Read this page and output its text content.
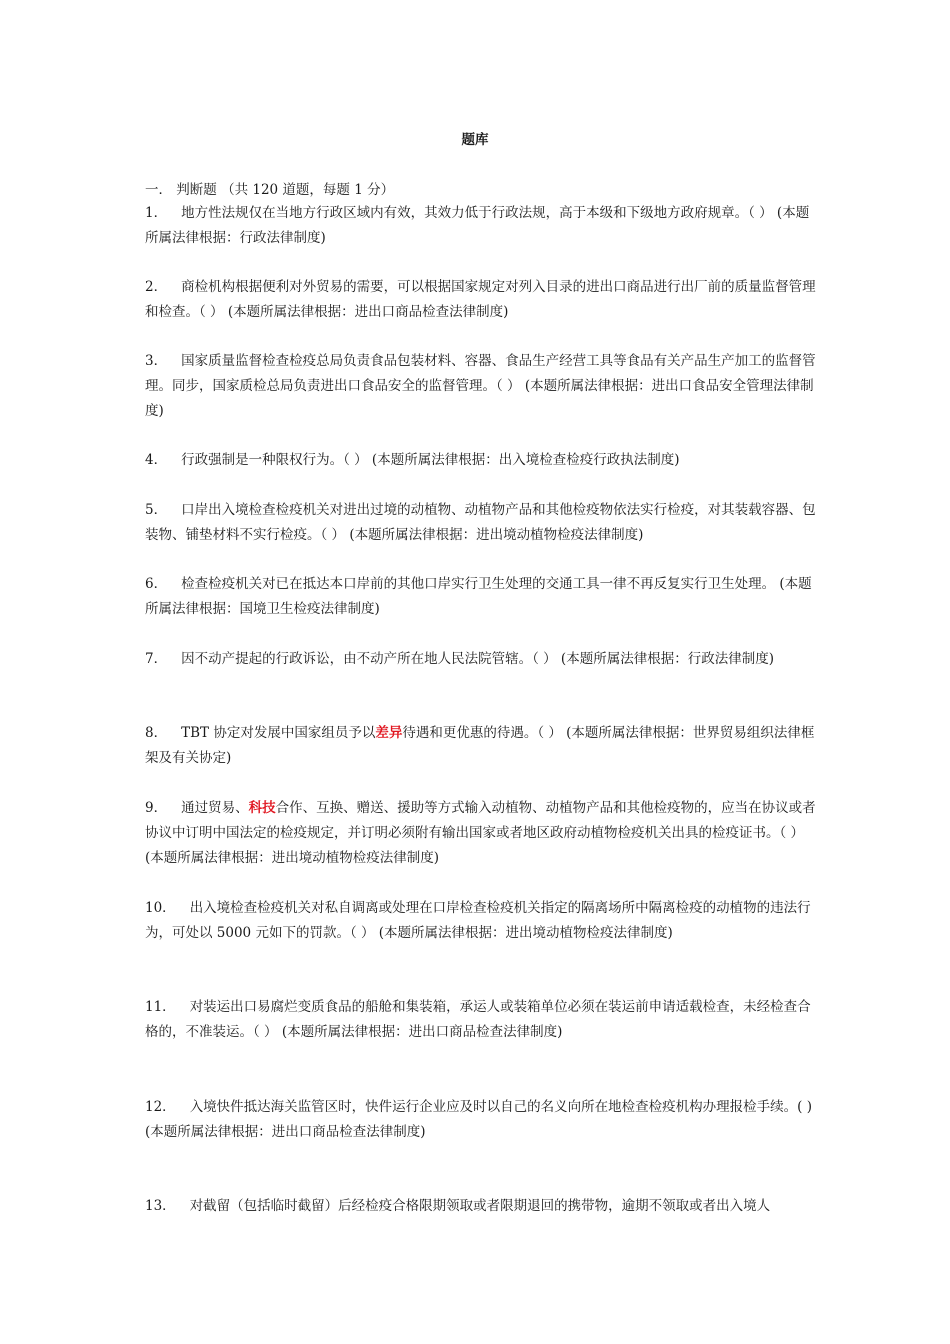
题库
一． 判断题 （共 120 道题，每题 1 分）
1． 地方性法规仅在当地方行政区域内有效，其效力低于行政法规，高于本级和下级地方政府规章。（ ） (本题所属法律根据：行政法律制度)
2． 商检机构根据便利对外贸易的需要，可以根据国家规定对列入目录的进出口商品进行出厂前的质量监督管理和检查。（ ） (本题所属法律根据：进出口商品检查法律制度)
3． 国家质量监督检查检疫总局负责食品包装材料、容器、食品生产经营工具等食品有关产品生产加工的监督管理。同步，国家质检总局负责进出口食品安全的监督管理。（ ） (本题所属法律根据：进出口食品安全管理法律制度)
4． 行政强制是一种限权行为。（ ） (本题所属法律根据：出入境检查检疫行政执法制度)
5． 口岸出入境检查检疫机关对进出过境的动植物、动植物产品和其他检疫物依法实行检疫，对其装载容器、包装物、铺垫材料不实行检疫。（ ） (本题所属法律根据：进出境动植物检疫法律制度)
6． 检查检疫机关对已在抵达本口岸前的其他口岸实行卫生处理的交通工具一律不再反复实行卫生处理。 (本题所属法律根据：国境卫生检疫法律制度)
7． 因不动产提起的行政诉讼，由不动产所在地人民法院管辖。（ ） (本题所属法律根据：行政法律制度)
8． TBT 协定对发展中国家组员予以差异待遇和更优惠的待遇。（ ） (本题所属法律根据：世界贸易组织法律框架及有关协定)
9． 通过贸易、科技合作、互换、赠送、援助等方式输入动植物、动植物产品和其他检疫物的，应当在协议或者协议中订明中国法定的检疫规定，并订明必须附有输出国家或者地区政府动植物检疫机关出具的检疫证书。（ ） (本题所属法律根据：进出境动植物检疫法律制度)
10． 出入境检查检疫机关对私自调离或处理在口岸检查检疫机关指定的隔离场所中隔离检疫的动植物的违法行为，可处以 5000 元如下的罚款。（ ） (本题所属法律根据：进出境动植物检疫法律制度)
11． 对装运出口易腐烂变质食品的船舱和集装箱，承运人或装箱单位必须在装运前申请适载检查，未经检查合格的，不准装运。（ ） (本题所属法律根据：进出口商品检查法律制度)
12． 入境快件抵达海关监管区时，快件运行企业应及时以自己的名义向所在地检查检疫机构办理报检手续。( ) (本题所属法律根据：进出口商品检查法律制度)
13． 对截留（包括临时截留）后经检疫合格限期领取或者限期退回的携带物，逾期不领取或者出入境人
